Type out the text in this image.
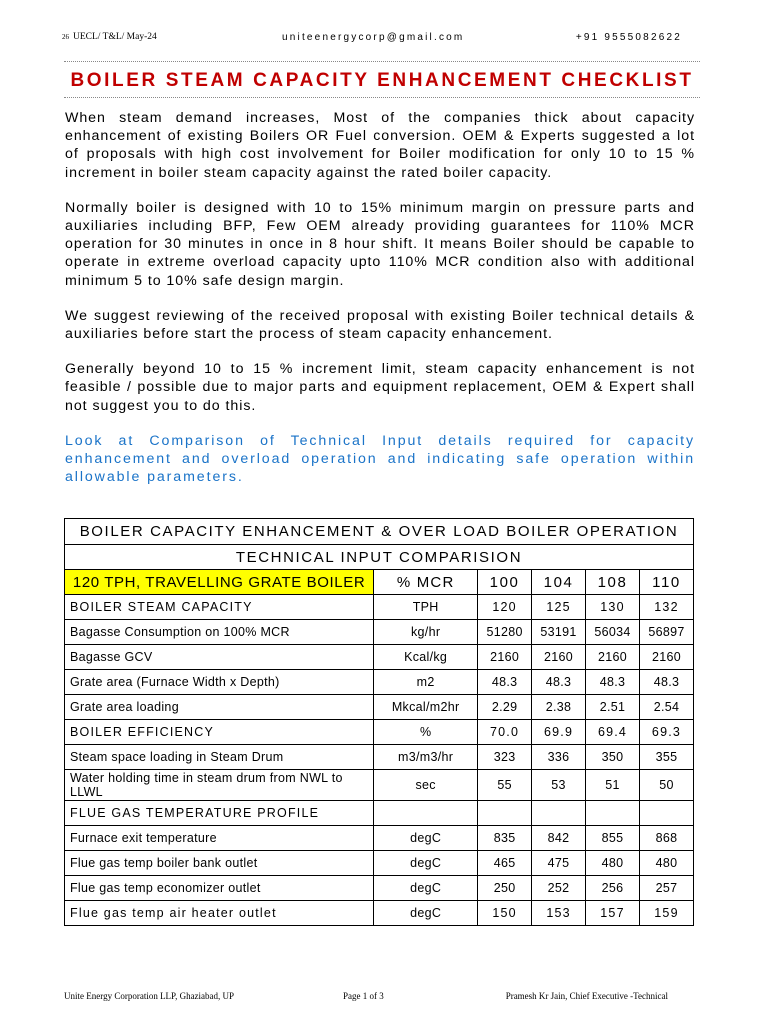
26 UECL/ T&L/ May-24	uniteenergycorp@gmail.com	+91 9555082622
BOILER STEAM CAPACITY ENHANCEMENT CHECKLIST

When steam demand increases, Most of the companies thick about capacity enhancement of existing Boilers OR Fuel conversion. OEM & Experts suggested a lot of proposals with high cost involvement for Boiler modification for only 10 to 15 % increment in boiler steam capacity against the rated boiler capacity.

Normally boiler is designed with 10 to 15% minimum margin on pressure parts and auxiliaries including BFP, Few OEM already providing guarantees for 110% MCR operation for 30 minutes in once in 8 hour shift. It means Boiler should be capable to operate in extreme overload capacity upto 110% MCR condition also with additional minimum 5 to 10% safe design margin.

We suggest reviewing of the received proposal with existing Boiler technical details & auxiliaries before start the process of steam capacity enhancement.

Generally beyond 10 to 15 % increment limit, steam capacity enhancement is not feasible / possible due to major parts and equipment replacement, OEM & Expert shall not suggest you to do this.

Look at Comparison of Technical Input details required for capacity enhancement and overload operation and indicating safe operation within allowable parameters.

BOILER CAPACITY ENHANCEMENT & OVER LOAD BOILER OPERATION					
TECHNICAL INPUT COMPARISION					
120 TPH, TRAVELLING GRATE BOILER	% MCR	100	104	108	110
BOILER STEAM CAPACITY	TPH	120	125	130	132
Bagasse Consumption on 100% MCR	kg/hr	51280	53191	56034	56897
Bagasse GCV	Kcal/kg	2160	2160	2160	2160
Grate area (Furnace Width x Depth)	m2	48.3	48.3	48.3	48.3
Grate area loading	Mkcal/m2hr	2.29	2.38	2.51	2.54
BOILER EFFICIENCY	%	70.0	69.9	69.4	69.3
Steam space loading in Steam Drum	m3/m3/hr	323	336	350	355
Water holding time in steam drum from NWL to LLWL	sec	55	53	51	50
FLUE GAS TEMPERATURE PROFILE					
Furnace exit temperature	degC	835	842	855	868
Flue gas temp boiler bank outlet	degC	465	475	480	480
Flue gas temp economizer outlet	degC	250	252	256	257
Flue gas temp air heater outlet	degC	150	153	157	159
Unite Energy Corporation LLP, Ghaziabad, UP	Page 1 of 3	Pramesh Kr Jain, Chief Executive -Technical
